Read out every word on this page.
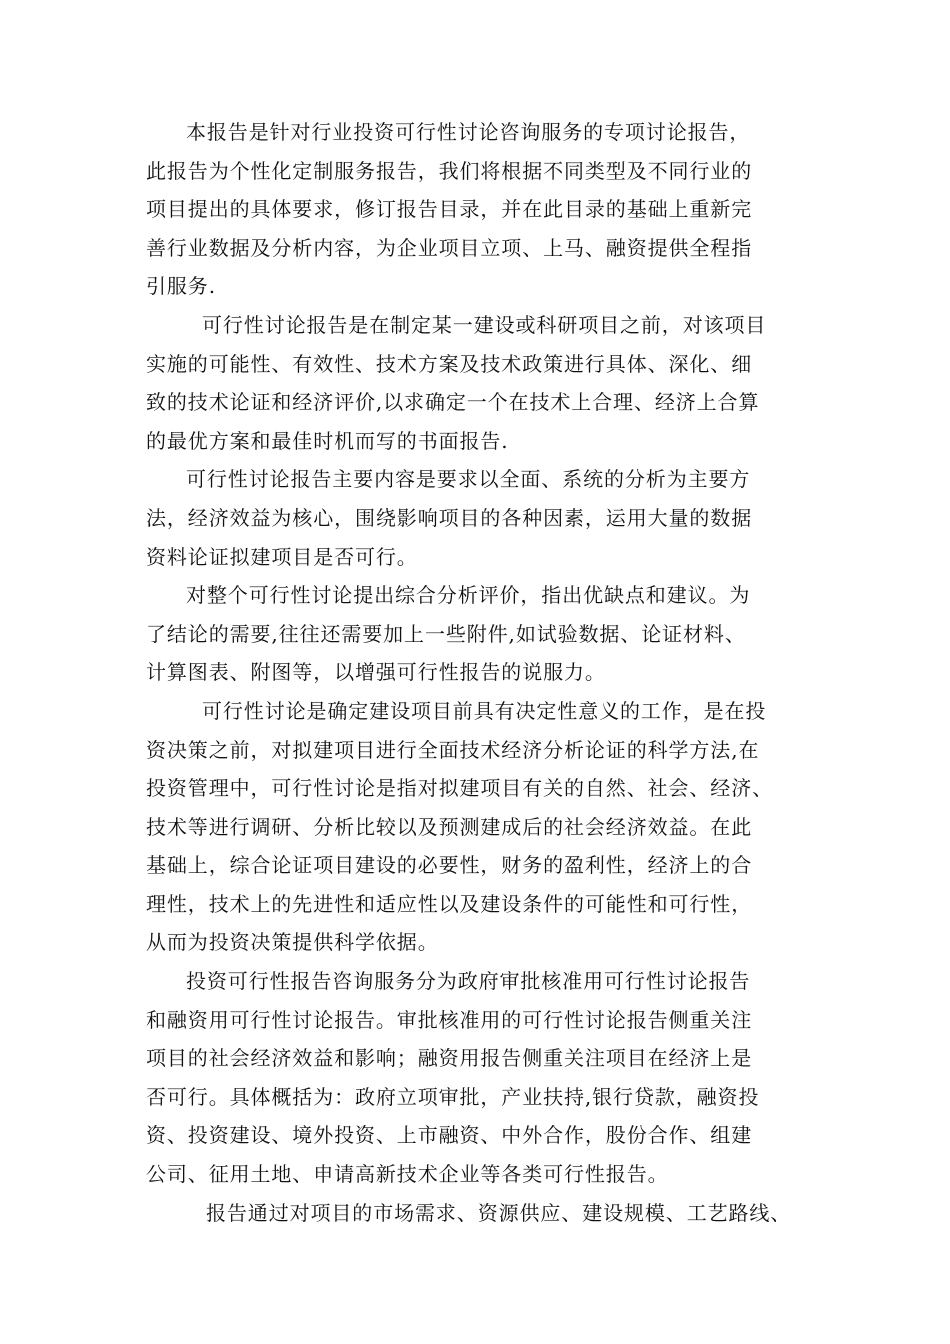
本报告是针对行业投资可行性讨论咨询服务的专项讨论报告，
此报告为个性化定制服务报告，我们将根据不同类型及不同行业的
项目提出的具体要求，修订报告目录，并在此目录的基础上重新完
善行业数据及分析内容，为企业项目立项、上马、融资提供全程指
引服务.
可行性讨论报告是在制定某一建设或科研项目之前，对该项目
实施的可能性、有效性、技术方案及技术政策进行具体、深化、细
致的技术论证和经济评价,以求确定一个在技术上合理、经济上合算
的最优方案和最佳时机而写的书面报告.
可行性讨论报告主要内容是要求以全面、系统的分析为主要方
法，经济效益为核心，围绕影响项目的各种因素，运用大量的数据
资料论证拟建项目是否可行。
对整个可行性讨论提出综合分析评价，指出优缺点和建议。为
了结论的需要,往往还需要加上一些附件,如试验数据、论证材料、
计算图表、附图等，以增强可行性报告的说服力。
可行性讨论是确定建设项目前具有决定性意义的工作，是在投
资决策之前，对拟建项目进行全面技术经济分析论证的科学方法,在
投资管理中，可行性讨论是指对拟建项目有关的自然、社会、经济、
技术等进行调研、分析比较以及预测建成后的社会经济效益。在此
基础上，综合论证项目建设的必要性，财务的盈利性，经济上的合
理性，技术上的先进性和适应性以及建设条件的可能性和可行性，
从而为投资决策提供科学依据。
投资可行性报告咨询服务分为政府审批核准用可行性讨论报告
和融资用可行性讨论报告。审批核准用的可行性讨论报告侧重关注
项目的社会经济效益和影响；融资用报告侧重关注项目在经济上是
否可行。具体概括为：政府立项审批，产业扶持,银行贷款，融资投
资、投资建设、境外投资、上市融资、中外合作，股份合作、组建
公司、征用土地、申请高新技术企业等各类可行性报告。
报告通过对项目的市场需求、资源供应、建设规模、工艺路线、
